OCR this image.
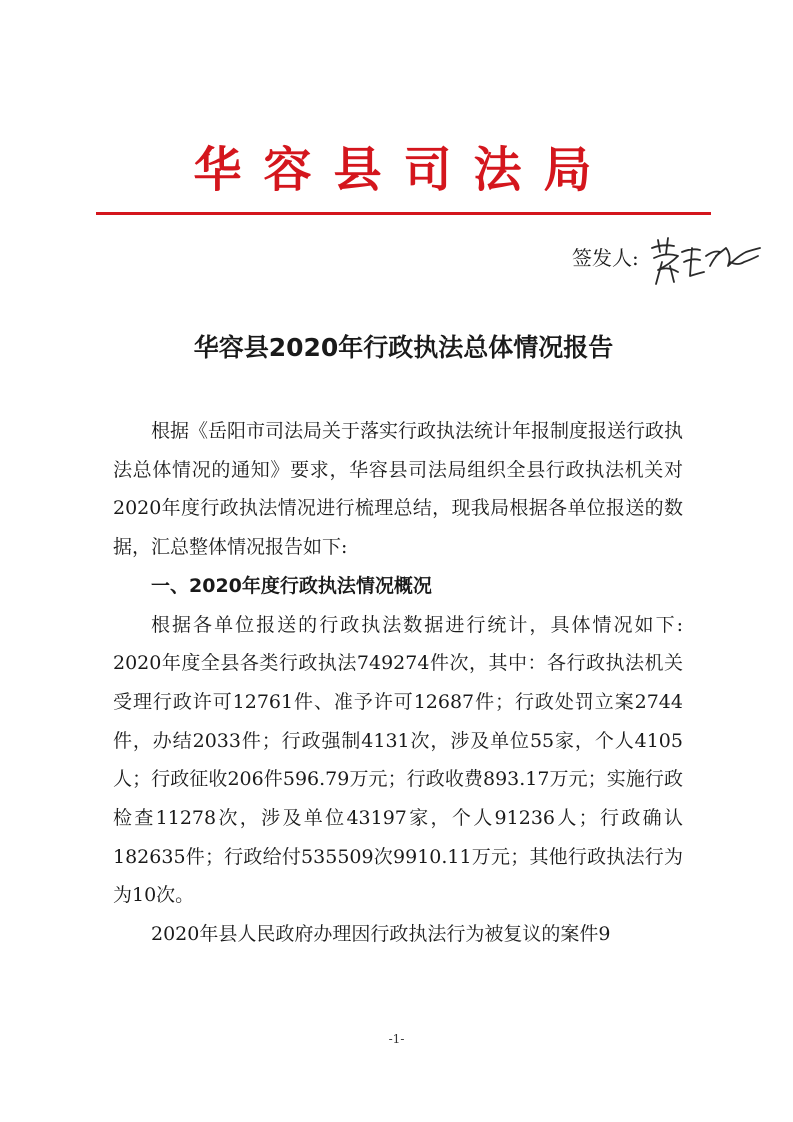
华容县司法局
签发人:
华容县2020年行政执法总体情况报告

根据《岳阳市司法局关于落实行政执法统计年报制度报送行政执法总体情况的通知》要求，华容县司法局组织全县行政执法机关对2020年度行政执法情况进行梳理总结，现我局根据各单位报送的数据，汇总整体情况报告如下:

一、2020年度行政执法情况概况

根据各单位报送的行政执法数据进行统计，具体情况如下: 2020年度全县各类行政执法749274件次，其中：各行政执法机关受理行政许可12761件、准予许可12687件；行政处罚立案2744件，办结2033件；行政强制4131次，涉及单位55家，个人4105人；行政征收206件596.79万元；行政收费893.17万元；实施行政检查11278次，涉及单位43197家，个人91236人；行政确认182635件；行政给付535509次9910.11万元；其他行政执法行为为10次。

2020年县人民政府办理因行政执法行为被复议的案件9

-1-
